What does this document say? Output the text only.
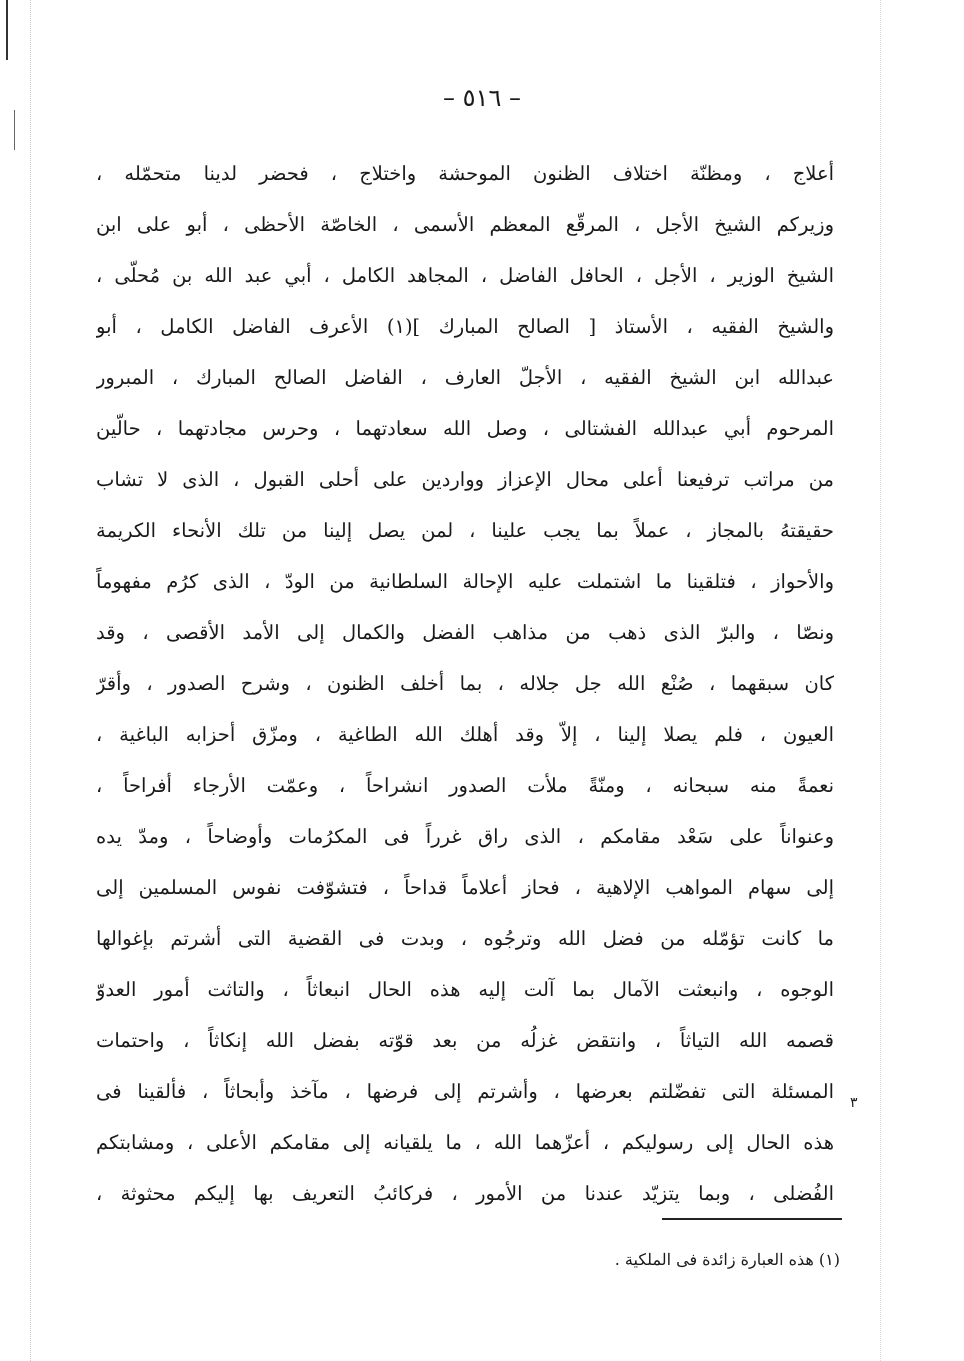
– ٥١٦ –
أعلاج ، ومظنّة اختلاف الظنون الموحشة واختلاج ، فحضر لدينا متحمّله ،
وزيركم الشيخ الأجل ، المرقّع المعظم الأسمى ، الخاصّة الأحظى ، أبو على ابن
الشيخ الوزير ، الأجل ، الحافل الفاضل ، المجاهد الكامل ، أبي عبد الله بن مُحلّى ،
والشيخ الفقيه ، الأستاذ [ الصالح المبارك ](١) الأعرف الفاضل الكامل ، أبو
عبدالله ابن الشيخ الفقيه ، الأجلّ العارف ، الفاضل الصالح المبارك ، المبرور
المرحوم أبي عبدالله الفشتالى ، وصل الله سعادتهما ، وحرس مجادتهما ، حالّين
من مراتب ترفيعنا أعلى محال الإعزاز وواردين على أحلى القبول ، الذى لا تشاب
حقيقتهُ بالمجاز ، عملاً بما يجب علينا ، لمن يصل إلينا من تلك الأنحاء الكريمة
والأحواز ، فتلقينا ما اشتملت عليه الإحالة السلطانية من الودّ ، الذى كرُم مفهوماً
ونصّا ، والبرّ الذى ذهب من مذاهب الفضل والكمال إلى الأمد الأقصى ، وقد
كان سبقهما ، صُنْع الله جل جلاله ، بما أخلف الظنون ، وشرح الصدور ، وأقرّ
العيون ، فلم يصلا إلينا ، إلاّ وقد أهلك الله الطاغية ، ومزّق أحزابه الباغية ،
نعمةً منه سبحانه ، ومنّةً ملأت الصدور انشراحاً ، وعمّت الأرجاء أفراحاً ،
وعنواناً على سَعْد مقامكم ، الذى راق غرراً فى المكرُمات وأوضاحاً ، ومدّ يده
إلى سهام المواهب الإلاهية ، فحاز أعلاماً قداحاً ، فتشوّفت نفوس المسلمين إلى
ما كانت تؤمّله من فضل الله وترجُوه ، وبدت فى القضية التى أشرتم بإغوالها
الوجوه ، وانبعثت الآمال بما آلت إليه هذه الحال انبعاثاً ، والتاثت أمور العدوّ
قصمه الله التياثاً ، وانتقض غزلُه من بعد قوّته بفضل الله إنكاثاً ، واحتمات
المسئلة التى تفضّلتم بعرضها ، وأشرتم إلى فرضها ، مآخذ وأبحاثاً ، فألقينا فى
هذه الحال إلى رسوليكم ، أعزّهما الله ، ما يلقيانه إلى مقامكم الأعلى ، ومشابتكم
الفُضلى ، وبما يتزيّد عندنا من الأمور ، فركائبُ التعريف بها إليكم محثوثة ،
٣
(١) هذه العبارة زائدة فى الملكية .
